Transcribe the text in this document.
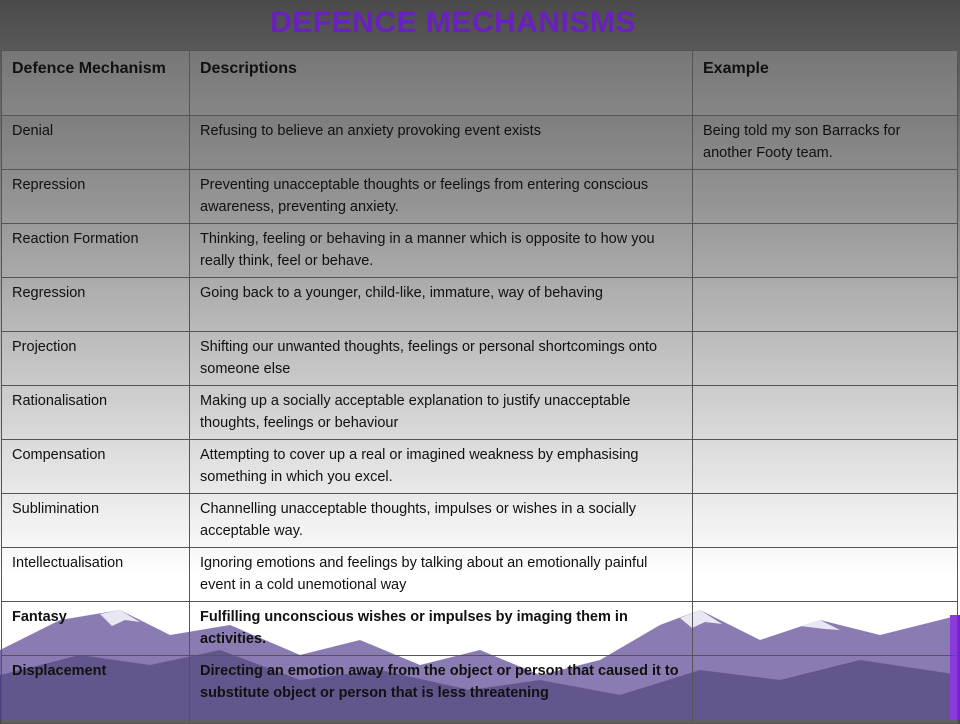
DEFENCE MECHANISMS
Defence Mechanism	Descriptions	Example
Denial	Refusing to believe an anxiety provoking event exists	Being told my son Barracks for another Footy team.
Repression	Preventing unacceptable thoughts or feelings from entering conscious awareness, preventing anxiety.	
Reaction Formation	Thinking, feeling or behaving in a manner which is opposite to how you really think, feel or behave.	
Regression	Going back to a younger, child-like, immature, way of behaving	
Projection	Shifting our unwanted thoughts, feelings or personal shortcomings onto someone else	
Rationalisation	Making up a socially acceptable explanation to justify unacceptable thoughts, feelings or behaviour	
Compensation	Attempting to cover up a real or imagined weakness by emphasising something in which you excel.	
Sublimination	Channelling unacceptable thoughts, impulses or wishes in a socially acceptable way.	
Intellectualisation	Ignoring emotions and feelings by talking about an emotionally painful event in a cold unemotional way	
Fantasy	Fulfilling unconscious wishes or impulses by imaging them in activities.	
Displacement	Directing an emotion away from the object or person that caused it to substitute object or person that is less threatening	
